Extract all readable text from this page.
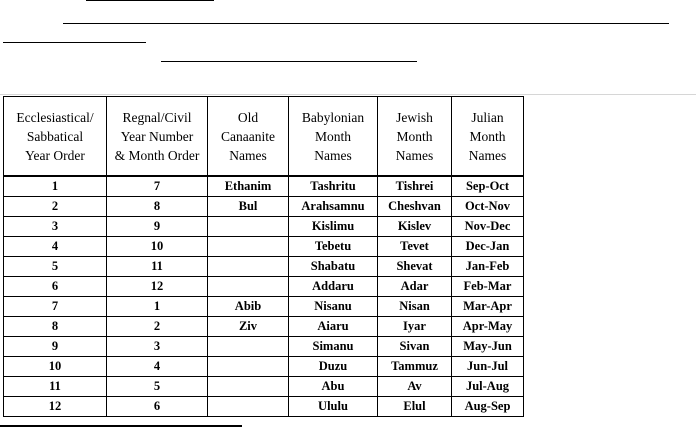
Ecclesiastical/
Sabbatical
Year Order	Regnal/Civil
Year Number
& Month Order	Old
Canaanite
Names	Babylonian
Month
Names	Jewish
Month
Names	Julian
Month
Names

1	7	Ethanim	Tashritu	Tishrei	Sep-Oct
2	8	Bul	Arahsamnu	Cheshvan	Oct-Nov
3	9		Kislimu	Kislev	Nov-Dec
4	10		Tebetu	Tevet	Dec-Jan
5	11		Shabatu	Shevat	Jan-Feb
6	12		Addaru	Adar	Feb-Mar
7	1	Abib	Nisanu	Nisan	Mar-Apr
8	2	Ziv	Aiaru	Iyar	Apr-May
9	3		Simanu	Sivan	May-Jun
10	4		Duzu	Tammuz	Jun-Jul
11	5		Abu	Av	Jul-Aug
12	6		Ululu	Elul	Aug-Sep
